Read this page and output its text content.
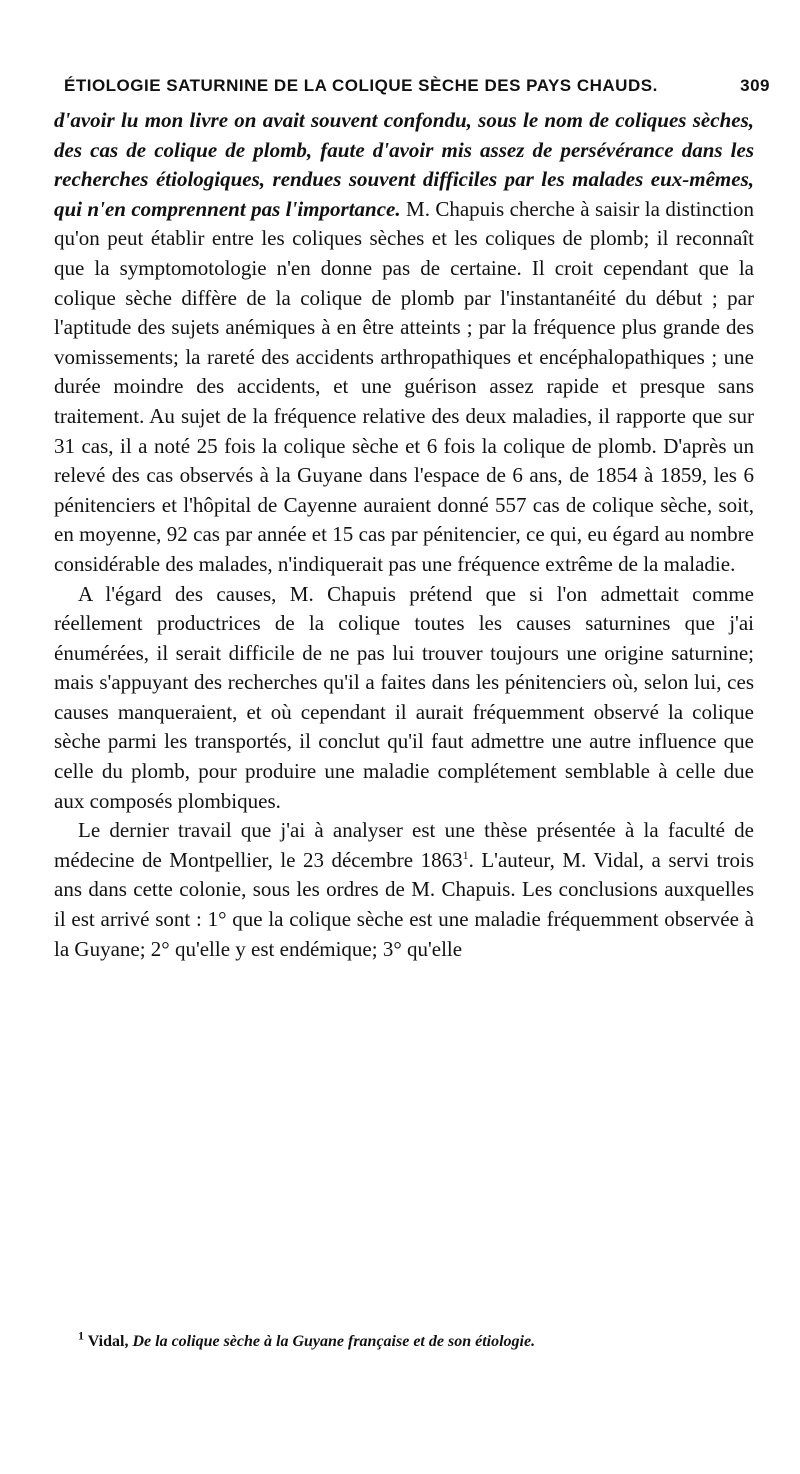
ÉTIOLOGIE SATURNINE DE LA COLIQUE SÈCHE DES PAYS CHAUDS.	309

d'avoir lu mon livre on avait souvent confondu, sous le nom de coliques sèches, des cas de colique de plomb, faute d'avoir mis assez de persévérance dans les recherches étiologiques, rendues souvent difficiles par les malades eux-mêmes, qui n'en comprennent pas l'importance. M. Chapuis cherche à saisir la distinction qu'on peut établir entre les coliques sèches et les coliques de plomb; il reconnaît que la symptomotologie n'en donne pas de certaine. Il croit cependant que la colique sèche diffère de la colique de plomb par l'instantanéité du début ; par l'aptitude des sujets anémiques à en être atteints ; par la fréquence plus grande des vomissements; la rareté des accidents arthropathiques et encéphalopathiques ; une durée moindre des accidents, et une guérison assez rapide et presque sans traitement. Au sujet de la fréquence relative des deux maladies, il rapporte que sur 31 cas, il a noté 25 fois la colique sèche et 6 fois la colique de plomb. D'après un relevé des cas observés à la Guyane dans l'espace de 6 ans, de 1854 à 1859, les 6 pénitenciers et l'hôpital de Cayenne auraient donné 557 cas de colique sèche, soit, en moyenne, 92 cas par année et 15 cas par pénitencier, ce qui, eu égard au nombre considérable des malades, n'indiquerait pas une fréquence extrême de la maladie.

A l'égard des causes, M. Chapuis prétend que si l'on admettait comme réellement productrices de la colique toutes les causes saturnines que j'ai énumérées, il serait difficile de ne pas lui trouver toujours une origine saturnine; mais s'appuyant des recherches qu'il a faites dans les pénitenciers où, selon lui, ces causes manqueraient, et où cependant il aurait fréquemment observé la colique sèche parmi les transportés, il conclut qu'il faut admettre une autre influence que celle du plomb, pour produire une maladie complétement semblable à celle due aux composés plombiques.

Le dernier travail que j'ai à analyser est une thèse présentée à la faculté de médecine de Montpellier, le 23 décembre 1863$^1$. L'auteur, M. Vidal, a servi trois ans dans cette colonie, sous les ordres de M. Chapuis. Les conclusions auxquelles il est arrivé sont : 1° que la colique sèche est une maladie fréquemment observée à la Guyane; 2° qu'elle y est endémique; 3° qu'elle

$^1$ Vidal, De la colique sèche à la Guyane française et de son étiologie.
